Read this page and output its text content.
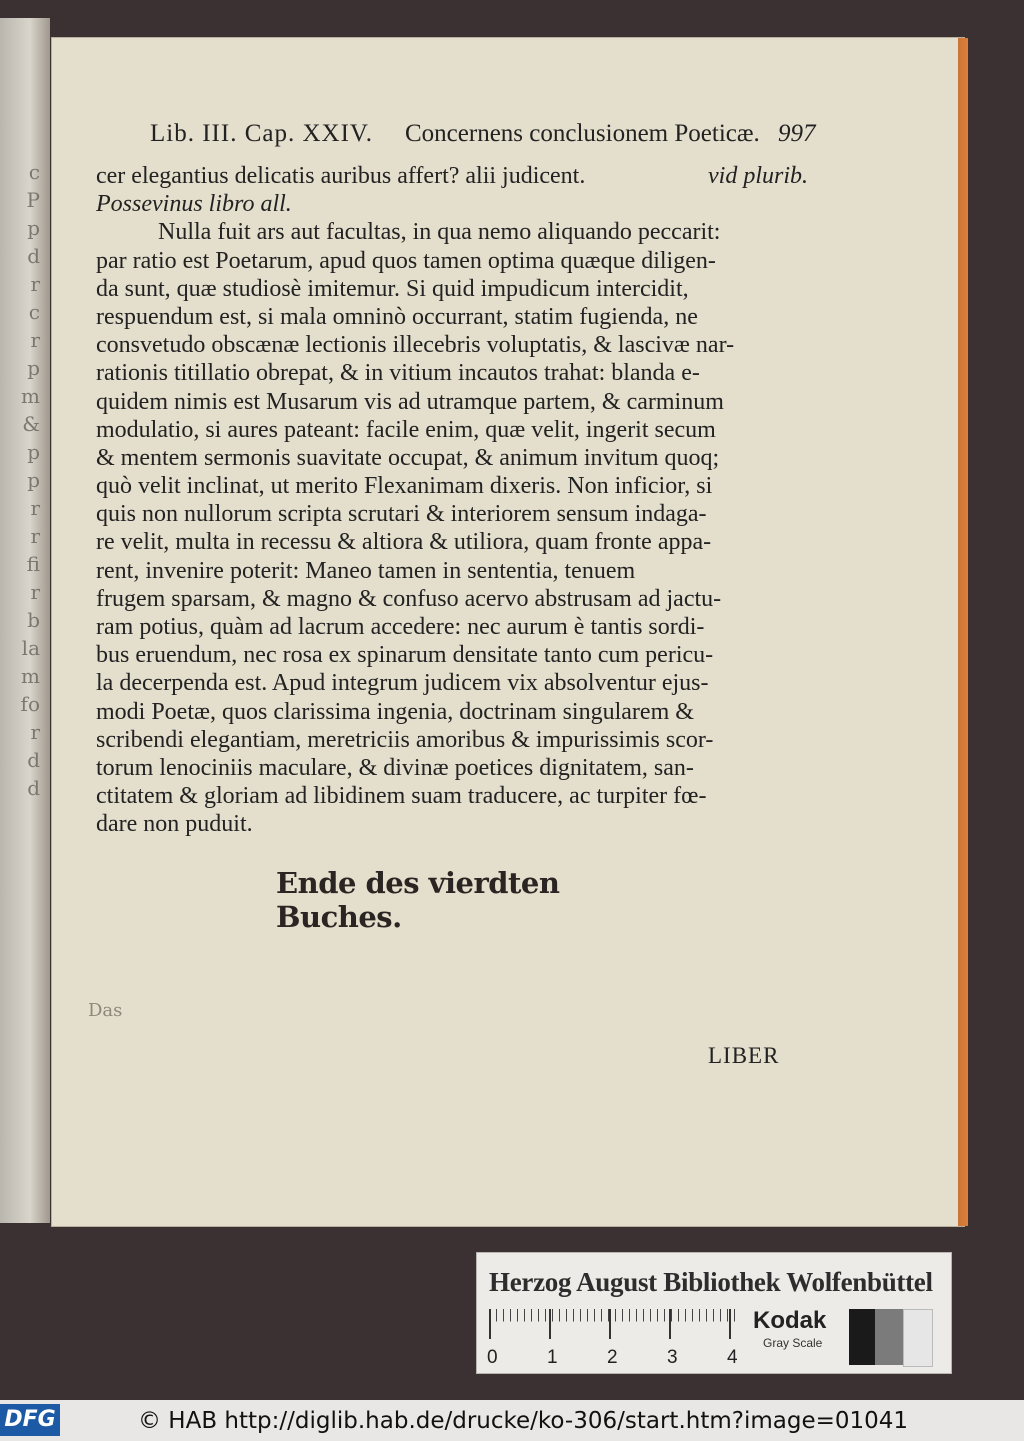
c
P
p
d
r
c
r
p
m
&
p
p
r
r
fi
r
b
la
m
fo
r
d
d
Lib. III. Cap. XXIV. Concernens conclusionem Poeticæ. 997
cer elegantius delicatis auribus affert? alii judicent.	vid plurib.
Possevinus libro all.
Nulla fuit ars aut facultas, in qua nemo aliquando peccarit:
par ratio est Poetarum, apud quos tamen optima quæque diligen-
da sunt, quæ studiosè imitemur. Si quid impudicum intercidit,
respuendum est, si mala omninò occurrant, statim fugienda, ne
consvetudo obscænæ lectionis illecebris voluptatis, & lascivæ nar-
rationis titillatio obrepat, & in vitium incautos trahat: blanda e-
quidem nimis est Musarum vis ad utramque partem, & carminum
modulatio, si aures pateant: facile enim, quæ velit, ingerit secum
& mentem sermonis suavitate occupat, & animum invitum quoq;
quò velit inclinat, ut merito Flexanimam dixeris. Non inficior, si
quis non nullorum scripta scrutari & interiorem sensum indaga-
re velit, multa in recessu & altiora & utiliora, quam fronte appa-
rent, invenire poterit: Maneo tamen in sententia, tenuem
frugem sparsam, & magno & confuso acervo abstrusam ad jactu-
ram potius, quàm ad lacrum accedere: nec aurum è tantis sordi-
bus eruendum, nec rosa ex spinarum densitate tanto cum pericu-
la decerpenda est. Apud integrum judicem vix absolventur ejus-
modi Poetæ, quos clarissima ingenia, doctrinam singularem &
scribendi elegantiam, meretriciis amoribus & impurissimis scor-
torum lenociniis maculare, & divinæ poetices dignitatem, san-
ctitatem & gloriam ad libidinem suam traducere, ac turpiter fœ-
dare non puduit.
Ende des vierdten Buches.
Das
LIBER
Herzog August Bibliothek Wolfenbüttel
0	1	2	3	4
Kodak
Gray Scale
DFG	© HAB http://diglib.hab.de/drucke/ko-306/start.htm?image=01041
